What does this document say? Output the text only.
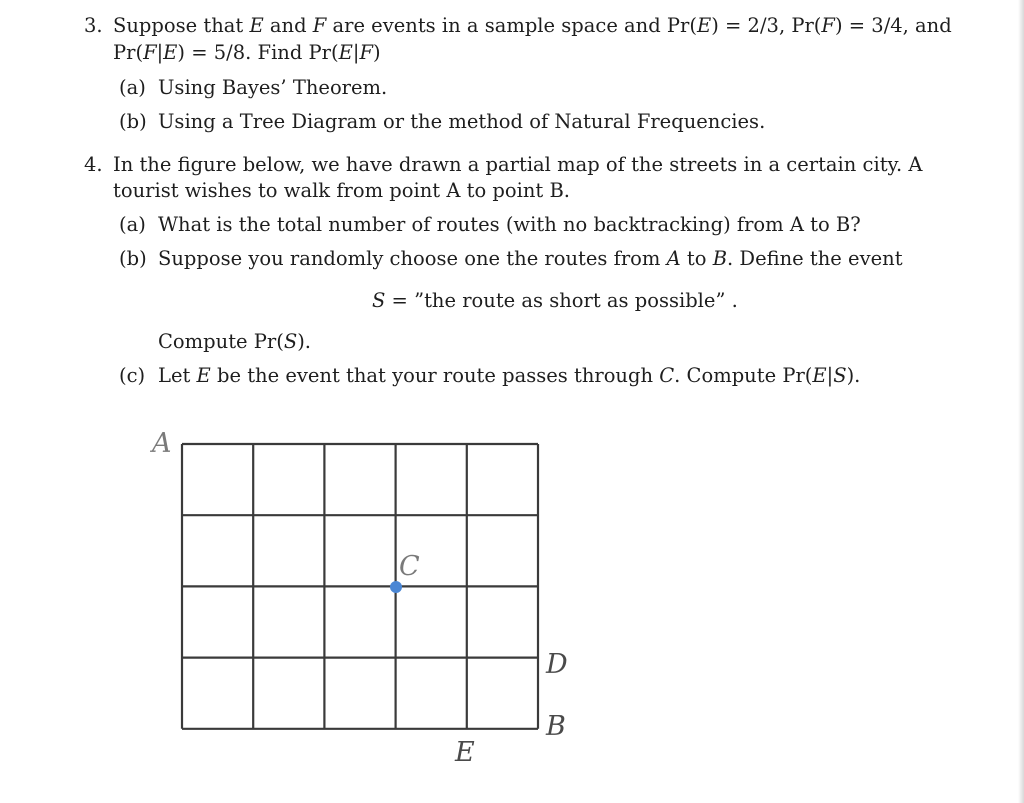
3. Suppose that E and F are events in a sample space and Pr(E) = 2/3, Pr(F) = 3/4, and

Pr(F|E) = 5/8. Find Pr(E|F)

(a) Using Bayes’ Theorem.

(b) Using a Tree Diagram or the method of Natural Frequencies.

4. In the figure below, we have drawn a partial map of the streets in a certain city. A

tourist wishes to walk from point A to point B.

(a) What is the total number of routes (with no backtracking) from A to B?

(b) Suppose you randomly choose one the routes from A to B. Define the event

S = ”the route as short as possible” .

Compute Pr(S).

(c) Let E be the event that your route passes through C. Compute Pr(E|S).

A
C
D
B
E
